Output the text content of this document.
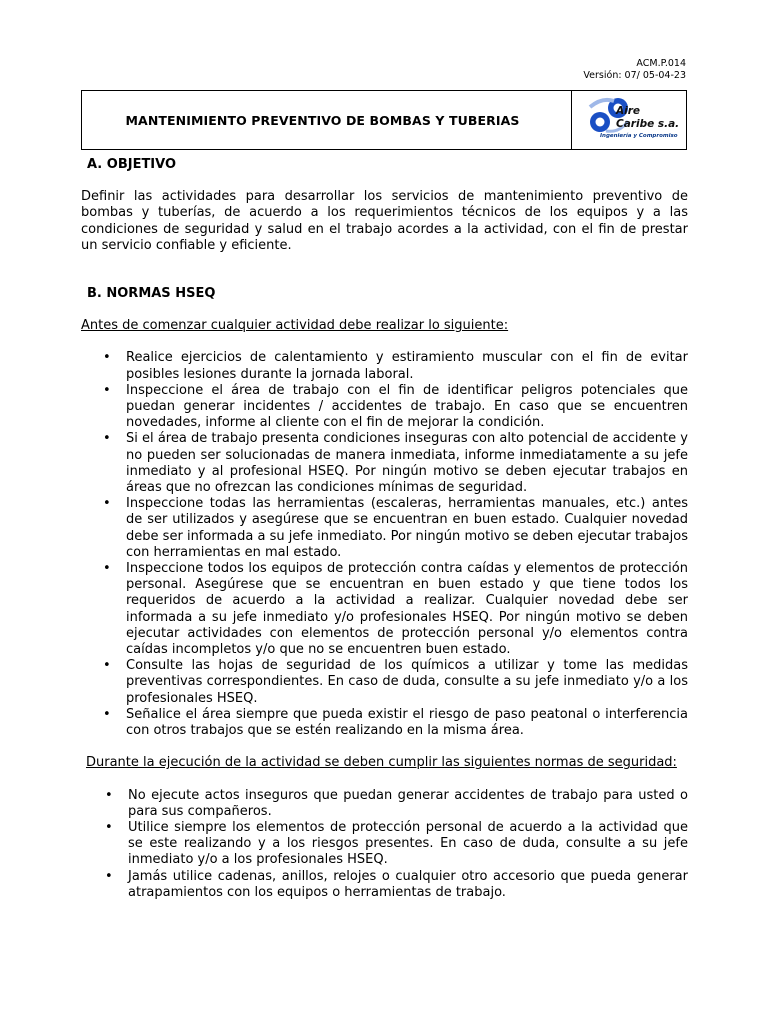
ACM.P.014
Versión: 07/ 05-04-23
MANTENIMIENTO PREVENTIVO DE BOMBAS Y TUBERIAS
Aire
Caribe s.a.
Ingeniería y Compromiso
A. OBJETIVO
Definir las actividades para desarrollar los servicios de mantenimiento preventivo de bombas y tuberías, de acuerdo a los requerimientos técnicos de los equipos y a las condiciones de seguridad y salud en el trabajo acordes a la actividad, con el fin de prestar un servicio confiable y eficiente.
B. NORMAS HSEQ
Antes de comenzar cualquier actividad debe realizar lo siguiente:
• Realice ejercicios de calentamiento y estiramiento muscular con el fin de evitar posibles lesiones durante la jornada laboral.
• Inspeccione el área de trabajo con el fin de identificar peligros potenciales que puedan generar incidentes / accidentes de trabajo. En caso que se encuentren novedades, informe al cliente con el fin de mejorar la condición.
• Si el área de trabajo presenta condiciones inseguras con alto potencial de accidente y no pueden ser solucionadas de manera inmediata, informe inmediatamente a su jefe inmediato y al profesional HSEQ. Por ningún motivo se deben ejecutar trabajos en áreas que no ofrezcan las condiciones mínimas de seguridad.
• Inspeccione todas las herramientas (escaleras, herramientas manuales, etc.) antes de ser utilizados y asegúrese que se encuentran en buen estado. Cualquier novedad debe ser informada a su jefe inmediato. Por ningún motivo se deben ejecutar trabajos con herramientas en mal estado.
• Inspeccione todos los equipos de protección contra caídas y elementos de protección personal. Asegúrese que se encuentran en buen estado y que tiene todos los requeridos de acuerdo a la actividad a realizar. Cualquier novedad debe ser informada a su jefe inmediato y/o profesionales HSEQ. Por ningún motivo se deben ejecutar actividades con elementos de protección personal y/o elementos contra caídas incompletos y/o que no se encuentren buen estado.
• Consulte las hojas de seguridad de los químicos a utilizar y tome las medidas preventivas correspondientes. En caso de duda, consulte a su jefe inmediato y/o a los profesionales HSEQ.
• Señalice el área siempre que pueda existir el riesgo de paso peatonal o interferencia con otros trabajos que se estén realizando en la misma área.
Durante la ejecución de la actividad se deben cumplir las siguientes normas de seguridad:
• No ejecute actos inseguros que puedan generar accidentes de trabajo para usted o para sus compañeros.
• Utilice siempre los elementos de protección personal de acuerdo a la actividad que se este realizando y a los riesgos presentes. En caso de duda, consulte a su jefe inmediato y/o a los profesionales HSEQ.
• Jamás utilice cadenas, anillos, relojes o cualquier otro accesorio que pueda generar atrapamientos con los equipos o herramientas de trabajo.
